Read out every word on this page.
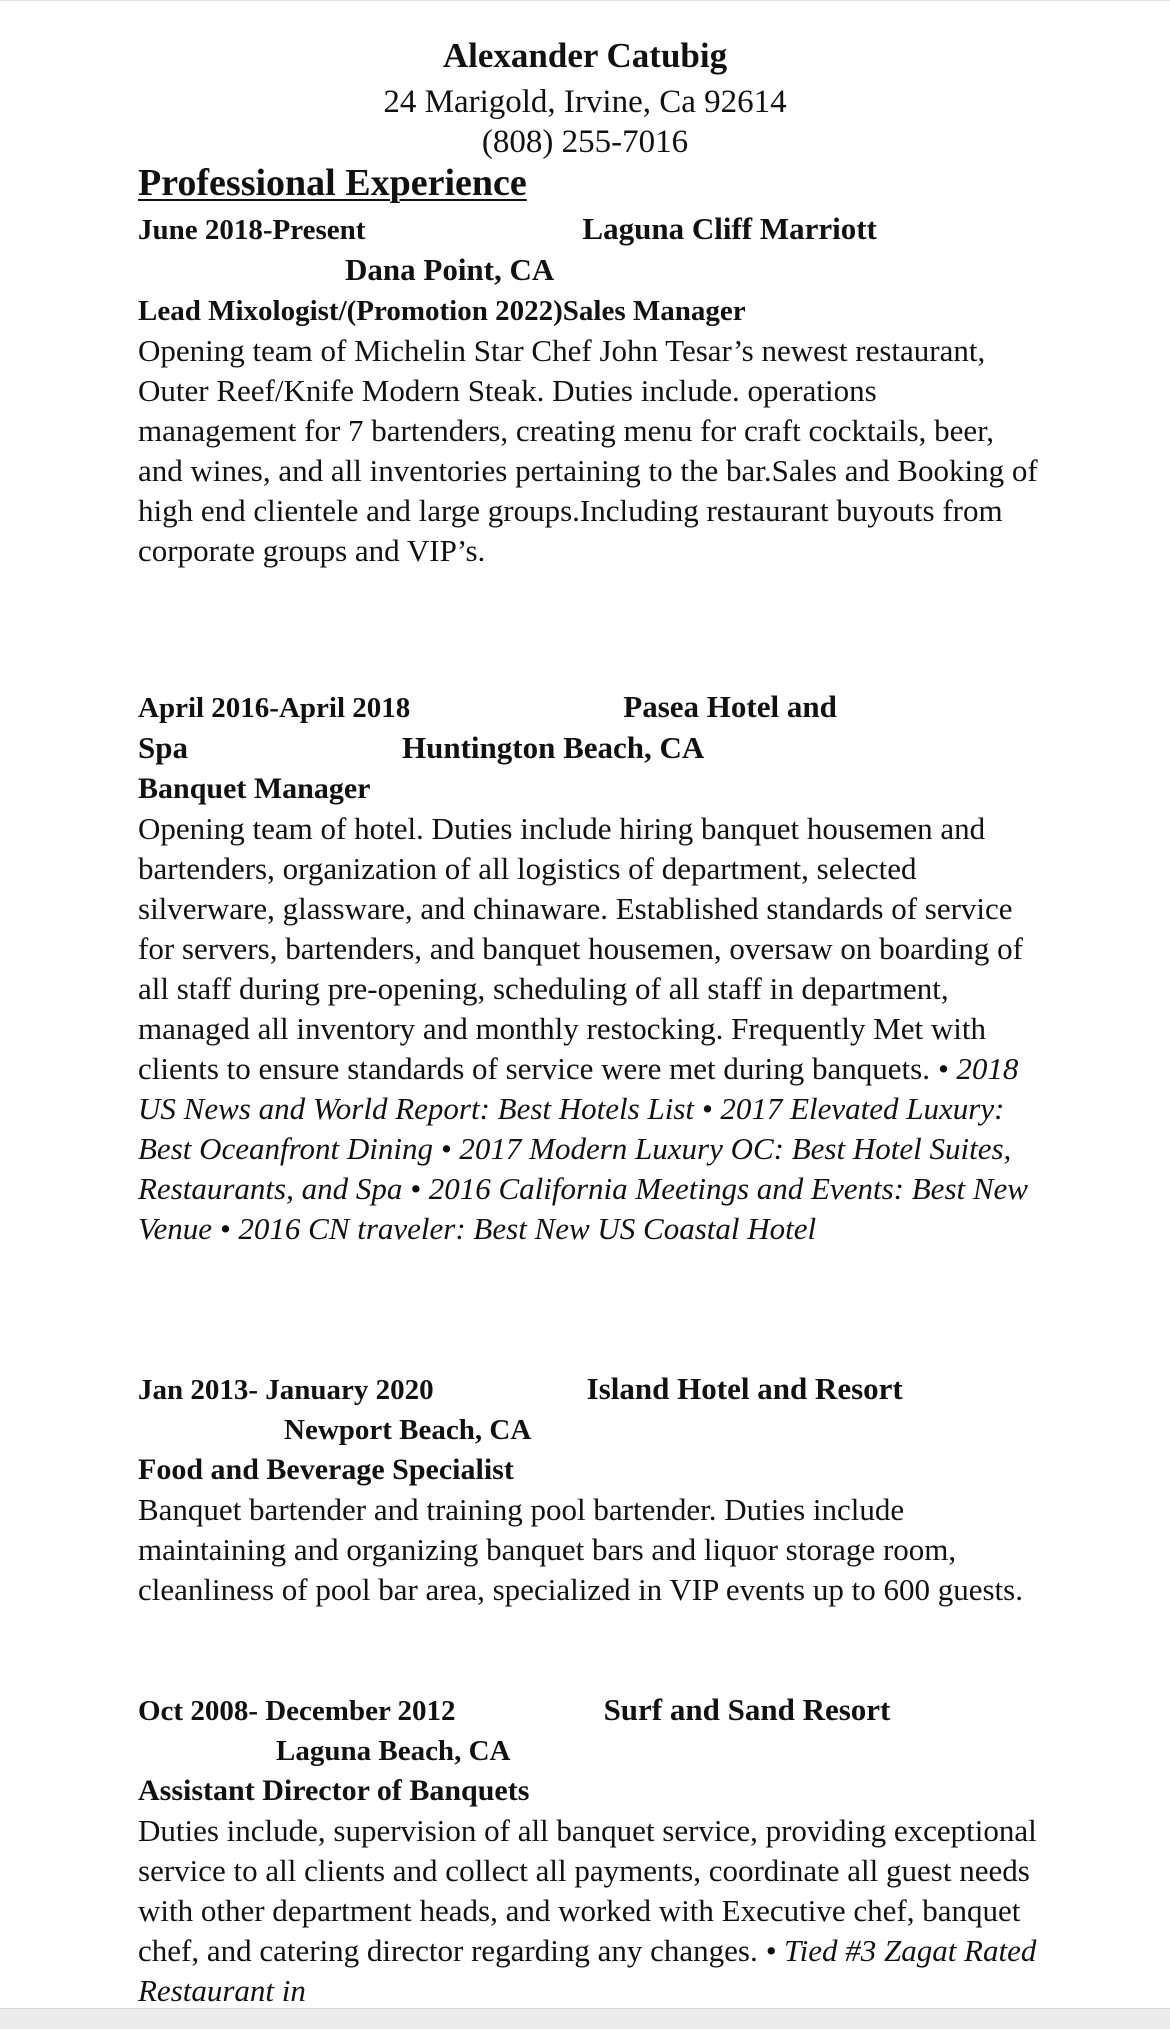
Alexander Catubig
24 Marigold, Irvine, Ca 92614
(808) 255-7016
Professional Experience
June 2018-Present	Laguna Cliff Marriott
Dana Point, CA
Lead Mixologist/(Promotion 2022)Sales Manager

Opening team of Michelin Star Chef John Tesar’s newest restaurant, Outer Reef/Knife Modern Steak. Duties include. operations management for 7 bartenders, creating menu for craft cocktails, beer, and wines, and all inventories pertaining to the bar.Sales and Booking of high end clientele and large groups.Including restaurant buyouts from corporate groups and VIP’s.

April 2016-April 2018	Pasea Hotel and
Spa	Huntington Beach, CA
Banquet Manager

Opening team of hotel. Duties include hiring banquet housemen and bartenders, organization of all logistics of department, selected silverware, glassware, and chinaware. Established standards of service for servers, bartenders, and banquet housemen, oversaw on boarding of all staff during pre-opening, scheduling of all staff in department, managed all inventory and monthly restocking. Frequently Met with clients to ensure standards of service were met during banquets. • 2018 US News and World Report: Best Hotels List • 2017 Elevated Luxury: Best Oceanfront Dining • 2017 Modern Luxury OC: Best Hotel Suites, Restaurants, and Spa • 2016 California Meetings and Events: Best New Venue • 2016 CN traveler: Best New US Coastal Hotel

Jan 2013- January 2020	Island Hotel and Resort
Newport Beach, CA
Food and Beverage Specialist

Banquet bartender and training pool bartender. Duties include maintaining and organizing banquet bars and liquor storage room, cleanliness of pool bar area, specialized in VIP events up to 600 guests.

Oct 2008- December 2012	Surf and Sand Resort
Laguna Beach, CA
Assistant Director of Banquets

Duties include, supervision of all banquet service, providing exceptional service to all clients and collect all payments, coordinate all guest needs with other department heads, and worked with Executive chef, banquet chef, and catering director regarding any changes. • Tied #3 Zagat Rated Restaurant in
